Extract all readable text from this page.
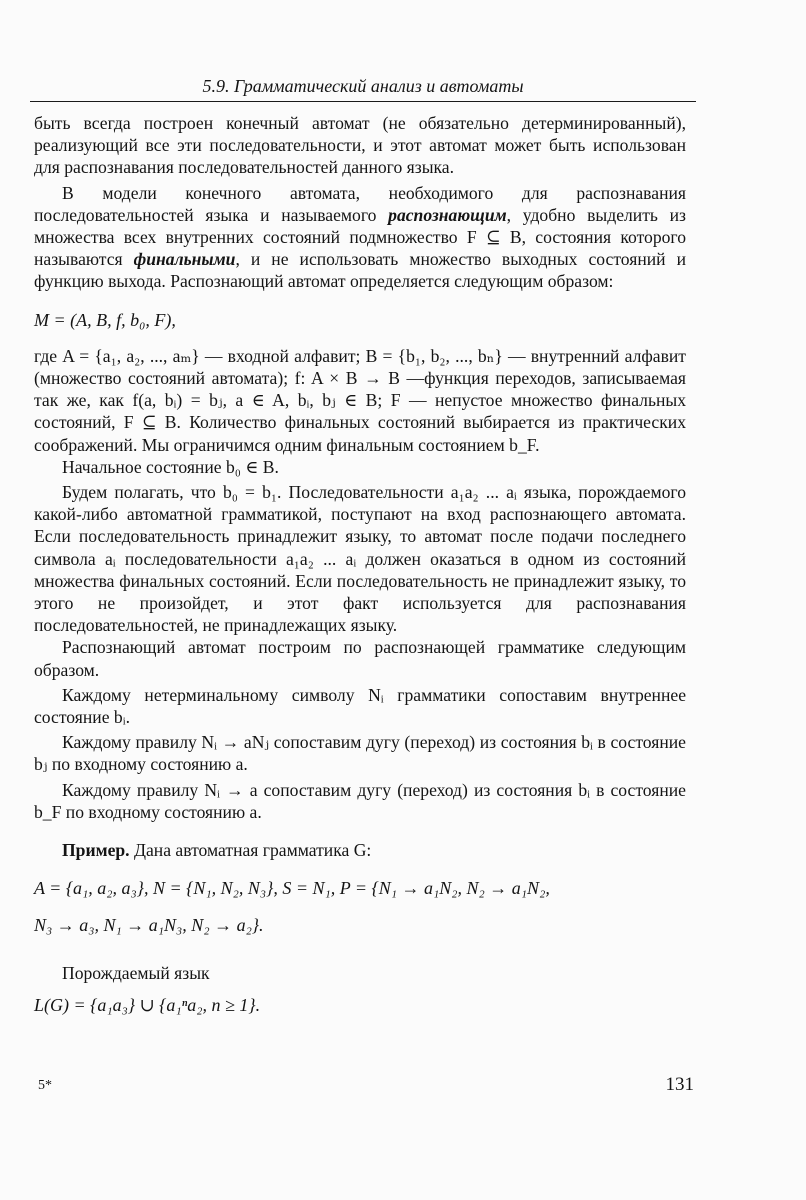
5.9. Грамматический анализ и автоматы

быть всегда построен конечный автомат (не обязательно детерминированный), реализующий все эти последовательности, и этот автомат может быть использован для распознавания последовательностей данного языка.

В модели конечного автомата, необходимого для распознавания последовательностей языка и называемого распознающим, удобно выделить из множества всех внутренних состояний подмножество F ⊆ B, состояния которого называются финальными, и не использовать множество выходных состояний и функцию выхода. Распознающий автомат определяется следующим образом:

M = (A, B, f, b₀, F),

где A = {a₁, a₂, ..., aₘ} — входной алфавит; B = {b₁, b₂, ..., bₙ} — внутренний алфавит (множество состояний автомата); f: A × B → B —функция переходов, записываемая так же, как f(a, bᵢ) = bⱼ, a ∈ A, bᵢ, bⱼ ∈ B; F — непустое множество финальных состояний, F ⊆ B. Количество финальных состояний выбирается из практических соображений. Мы ограничимся одним финальным состоянием b_F.

Начальное состояние b₀ ∈ B.

Будем полагать, что b₀ = b₁. Последовательности a₁a₂ ... aᵢ языка, порождаемого какой-либо автоматной грамматикой, поступают на вход распознающего автомата. Если последовательность принадлежит языку, то автомат после подачи последнего символа aᵢ последовательности a₁a₂ ... aᵢ должен оказаться в одном из состояний множества финальных состояний. Если последовательность не принадлежит языку, то этого не произойдет, и этот факт используется для распознавания последовательностей, не принадлежащих языку.

Распознающий автомат построим по распознающей грамматике следующим образом.

Каждому нетерминальному символу Nᵢ грамматики сопоставим внутреннее состояние bᵢ.

Каждому правилу Nᵢ → aNⱼ сопоставим дугу (переход) из состояния bᵢ в состояние bⱼ по входному состоянию a.

Каждому правилу Nᵢ → a сопоставим дугу (переход) из состояния bᵢ в состояние b_F по входному состоянию a.

Пример. Дана автоматная грамматика G:

A = {a₁, a₂, a₃}, N = {N₁, N₂, N₃}, S = N₁, P = {N₁ → a₁N₂, N₂ → a₁N₂,
N₃ → a₃, N₁ → a₁N₃, N₂ → a₂}.

Порождаемый язык

L(G) = {a₁a₃} ∪ {a₁ⁿa₂, n ≥ 1}.
5*	131
